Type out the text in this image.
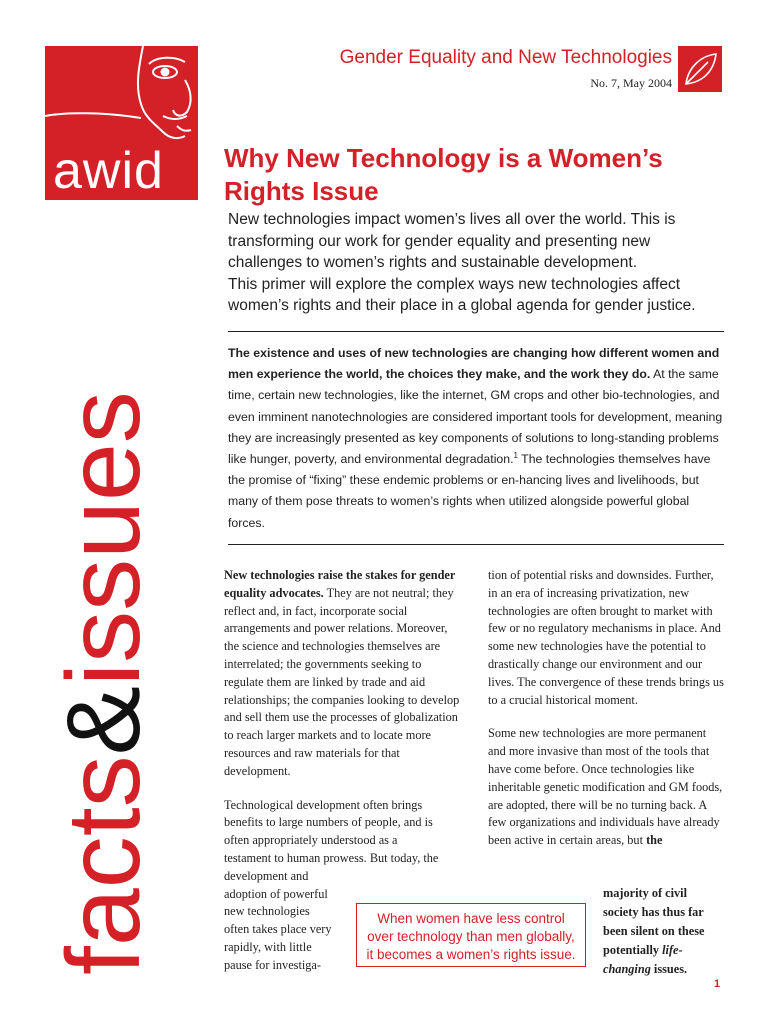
awid
facts&issues
Gender Equality and New Technologies
No. 7, May 2004
Why New Technology is a Women’s Rights Issue
New technologies impact women’s lives all over the world. This is
transforming our work for gender equality and presenting new
challenges to women’s rights and sustainable development.
This primer will explore the complex ways new technologies affect
women’s rights and their place in a global agenda for gender justice.
The existence and uses of new technologies are changing how different women and men experience the world, the choices they make, and the work they do. At the same time, certain new technologies, like the internet, GM crops and other bio-technologies, and even imminent nanotechnologies are considered important tools for development, meaning they are increasingly presented as key components of solutions to long-standing problems like hunger, poverty, and environmental degradation.$^1$ The technologies themselves have the promise of “fixing” these endemic problems or en-hancing lives and livelihoods, but many of them pose threats to women’s rights when utilized alongside powerful global forces.

New technologies raise the stakes for gender equality advocates. They are not neutral; they reflect and, in fact, incorporate social arrangements and power relations. Moreover, the science and technologies themselves are interrelated; the governments seeking to regulate them are linked by trade and aid relationships; the companies looking to develop and sell them use the processes of globalization to reach larger markets and to locate more resources and raw materials for that development.

Technological development often brings
benefits to large numbers of people, and is
often appropriately understood as a
testament to human prowess. But today, the
development and
adoption of powerful
new technologies
often takes place very
rapidly, with little
pause for investiga-

tion of potential risks and downsides. Further, in an era of increasing privatization, new technologies are often brought to market with few or no regulatory mechanisms in place. And some new technologies have the potential to drastically change our environment and our lives. The convergence of these trends brings us to a crucial historical moment.

Some new technologies are more permanent and more invasive than most of the tools that have come before. Once technologies like inheritable genetic modification and GM foods, are adopted, there will be no turning back. A few organizations and individuals have already been active in certain areas, but the

majority of civil
society has thus far
been silent on these
potentially life-
changing issues.
When women have less control over technology than men globally, it becomes a women’s rights issue.
1
